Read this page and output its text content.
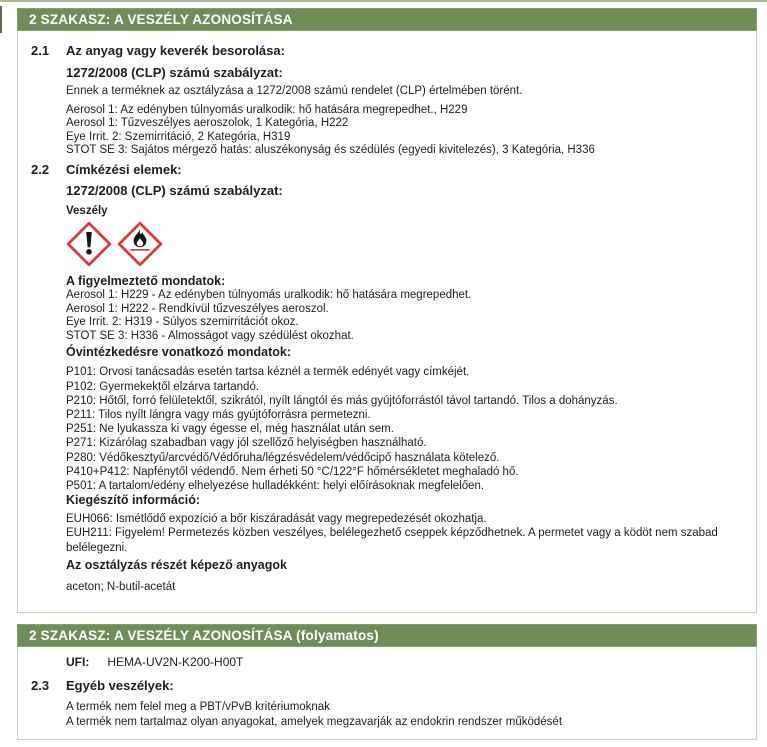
2 SZAKASZ: A VESZÉLY AZONOSÍTÁSA
2.1 Az anyag vagy keverék besorolása:
1272/2008 (CLP) számú szabályzat:
Ennek a terméknek az osztályzása a 1272/2008 számú rendelet (CLP) értelmében törént.
Aerosol 1: Az edényben túlnyomás uralkodik: hő hatására megrepedhet., H229
Aerosol 1: Tűzveszélyes aeroszolok, 1 Kategória, H222
Eye Irrit. 2: Szemirritáció, 2 Kategória, H319
STOT SE 3: Sajátos mérgező hatás: aluszékonyság és szédülés (egyedi kivitelezés), 3 Kategória, H336
2.2 Címkézési elemek:
1272/2008 (CLP) számú szabályzat:
Veszély
A figyelmeztető mondatok:
Aerosol 1: H229 - Az edényben túlnyomás uralkodik: hő hatására megrepedhet.
Aerosol 1: H222 - Rendkívül tűzveszélyes aeroszol.
Eye Irrit. 2: H319 - Súlyos szemirritációt okoz.
STOT SE 3: H336 - Almosságot vagy szédülést okozhat.
Óvintézkedésre vonatkozó mondatok:
P101: Orvosi tanácsadás esetén tartsa kéznél a termék edényét vagy címkéjét.
P102: Gyermekektől elzárva tartandó.
P210: Hőtől, forró felületektől, szikrától, nyílt lángtól és más gyújtóforrástól távol tartandó. Tilos a dohányzás.
P211: Tilos nyílt lángra vagy más gyújtóforrásra permetezni.
P251: Ne lyukassza ki vagy égesse el, még használat után sem.
P271: Kizárólag szabadban vagy jól szellőző helyiségben használható.
P280: Védőkesztyű/arcvédő/Védőruha/légzésvédelem/védőcipő használata kötelező.
P410+P412: Napfénytől védendő. Nem érheti 50 °C/122°F hőmérsékletet meghaladó hő.
P501: A tartalom/edény elhelyezése hulladékként: helyi előírásoknak megfelelően.
Kiegészítő információ:
EUH066: Ismétlődő expozíció a bőr kiszáradását vagy megrepedezését okozhatja.
EUH211: Figyelem! Permetezés közben veszélyes, belélegezhető cseppek képződhetnek. A permetet vagy a ködöt nem szabad belélegezni.
Az osztályzás részét képező anyagok
aceton; N-butil-acetát
2 SZAKASZ: A VESZÉLY AZONOSÍTÁSA (folyamatos)
UFI: HEMA-UV2N-K200-H00T
2.3 Egyéb veszélyek:
A termék nem felel meg a PBT/vPvB kritériumoknak
A termék nem tartalmaz olyan anyagokat, amelyek megzavarják az endokrin rendszer működését
